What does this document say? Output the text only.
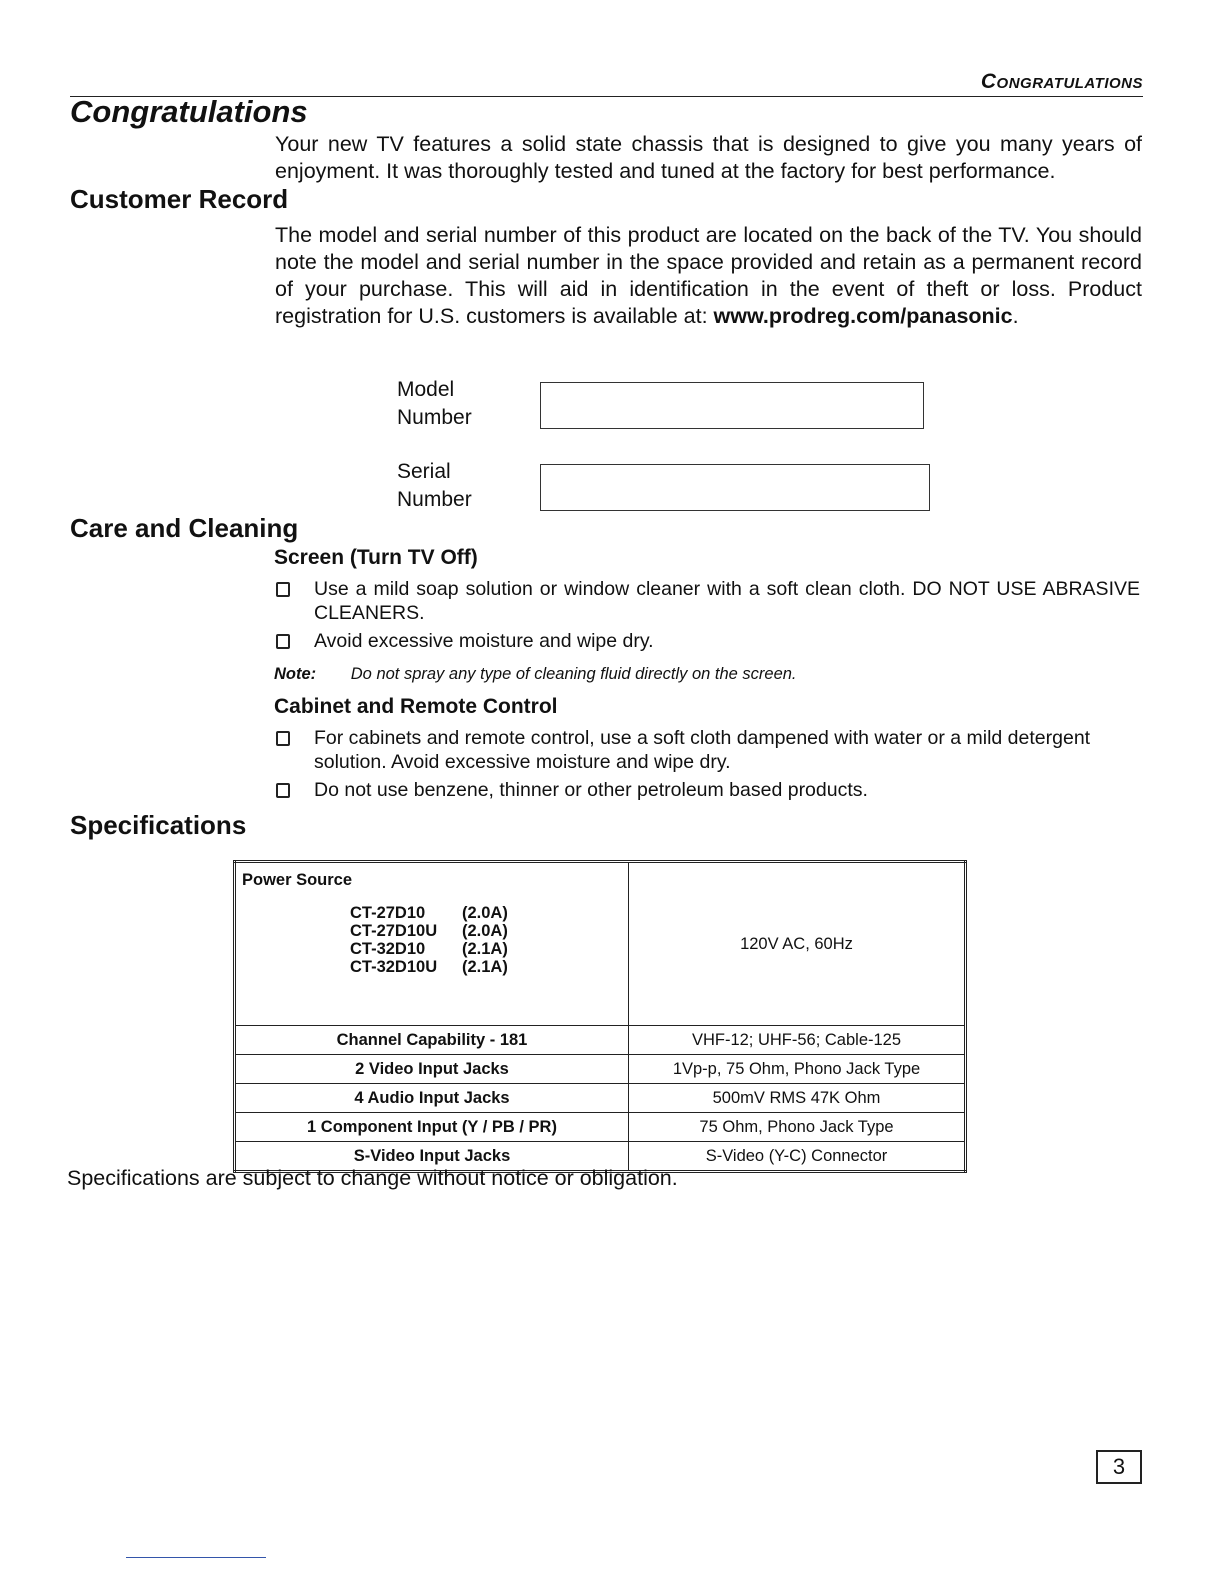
Congratulations
Congratulations
Your new TV features a solid state chassis that is designed to give you many years of enjoyment. It was thoroughly tested and tuned at the factory for best performance.
Customer Record
The model and serial number of this product are located on the back of the TV. You should note the model and serial number in the space provided and retain as a permanent record of your purchase. This will aid in identification in the event of theft or loss. Product registration for U.S. customers is available at: www.prodreg.com/panasonic.
Model
Number
Serial
Number
Care and Cleaning
Screen (Turn TV Off)
Use a mild soap solution or window cleaner with a soft clean cloth. DO NOT USE ABRASIVE CLEANERS.
Avoid excessive moisture and wipe dry.
Note: Do not spray any type of cleaning fluid directly on the screen.
Cabinet and Remote Control
For cabinets and remote control, use a soft cloth dampened with water or a mild detergent solution. Avoid excessive moisture and wipe dry.
Do not use benzene, thinner or other petroleum based products.
Specifications
Power Source
CT-27D10 (2.0A)
CT-27D10U (2.0A)
CT-32D10 (2.1A)
CT-32D10U (2.1A)	120V AC, 60Hz
Channel Capability - 181	VHF-12; UHF-56; Cable-125
2 Video Input Jacks	1Vp-p, 75 Ohm, Phono Jack Type
4 Audio Input Jacks	500mV RMS 47K Ohm
1 Component Input (Y / PB / PR)	75 Ohm, Phono Jack Type
S-Video Input Jacks	S-Video (Y-C) Connector
Specifications are subject to change without notice or obligation.
3
